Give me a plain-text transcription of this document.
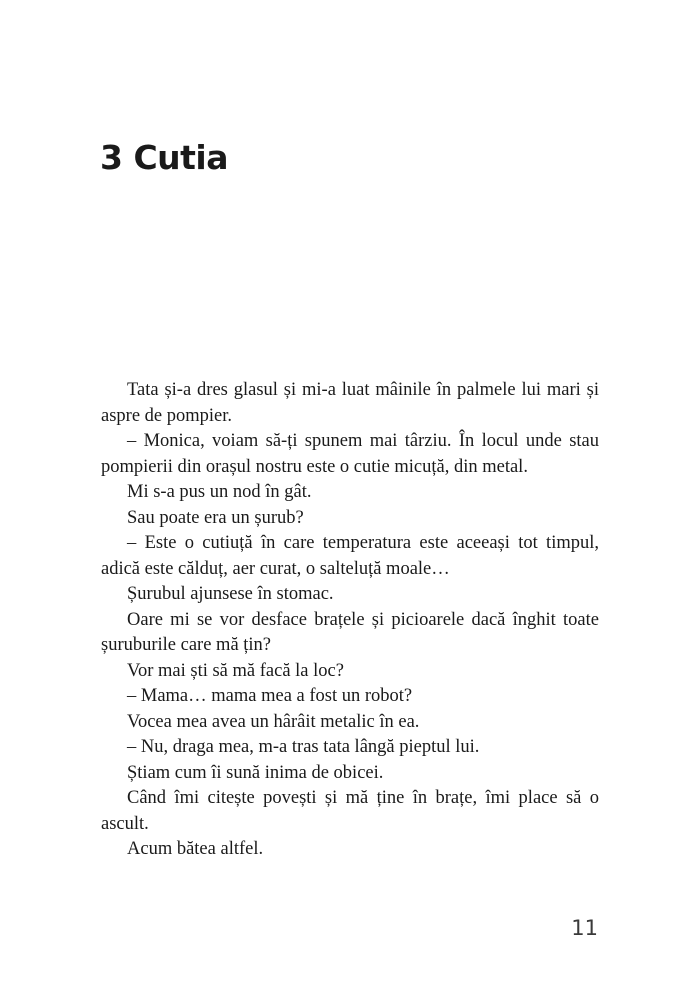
3 Cutia

Tata și-a dres glasul și mi-a luat mâinile în palmele lui mari și aspre de pompier.

– Monica, voiam să-ți spunem mai târziu. În locul unde stau pompierii din orașul nostru este o cutie micuță, din metal.

Mi s-a pus un nod în gât.

Sau poate era un șurub?

– Este o cutiuță în care temperatura este aceeași tot timpul, adică este călduț, aer curat, o salteluță moale…

Șurubul ajunsese în stomac.

Oare mi se vor desface brațele și picioarele dacă înghit toate șuruburile care mă țin?

Vor mai ști să mă facă la loc?

– Mama… mama mea a fost un robot?

Vocea mea avea un hârâit metalic în ea.

– Nu, draga mea, m-a tras tata lângă pieptul lui.

Știam cum îi sună inima de obicei.

Când îmi citește povești și mă ține în brațe, îmi place să o ascult.

Acum bătea altfel.

11
